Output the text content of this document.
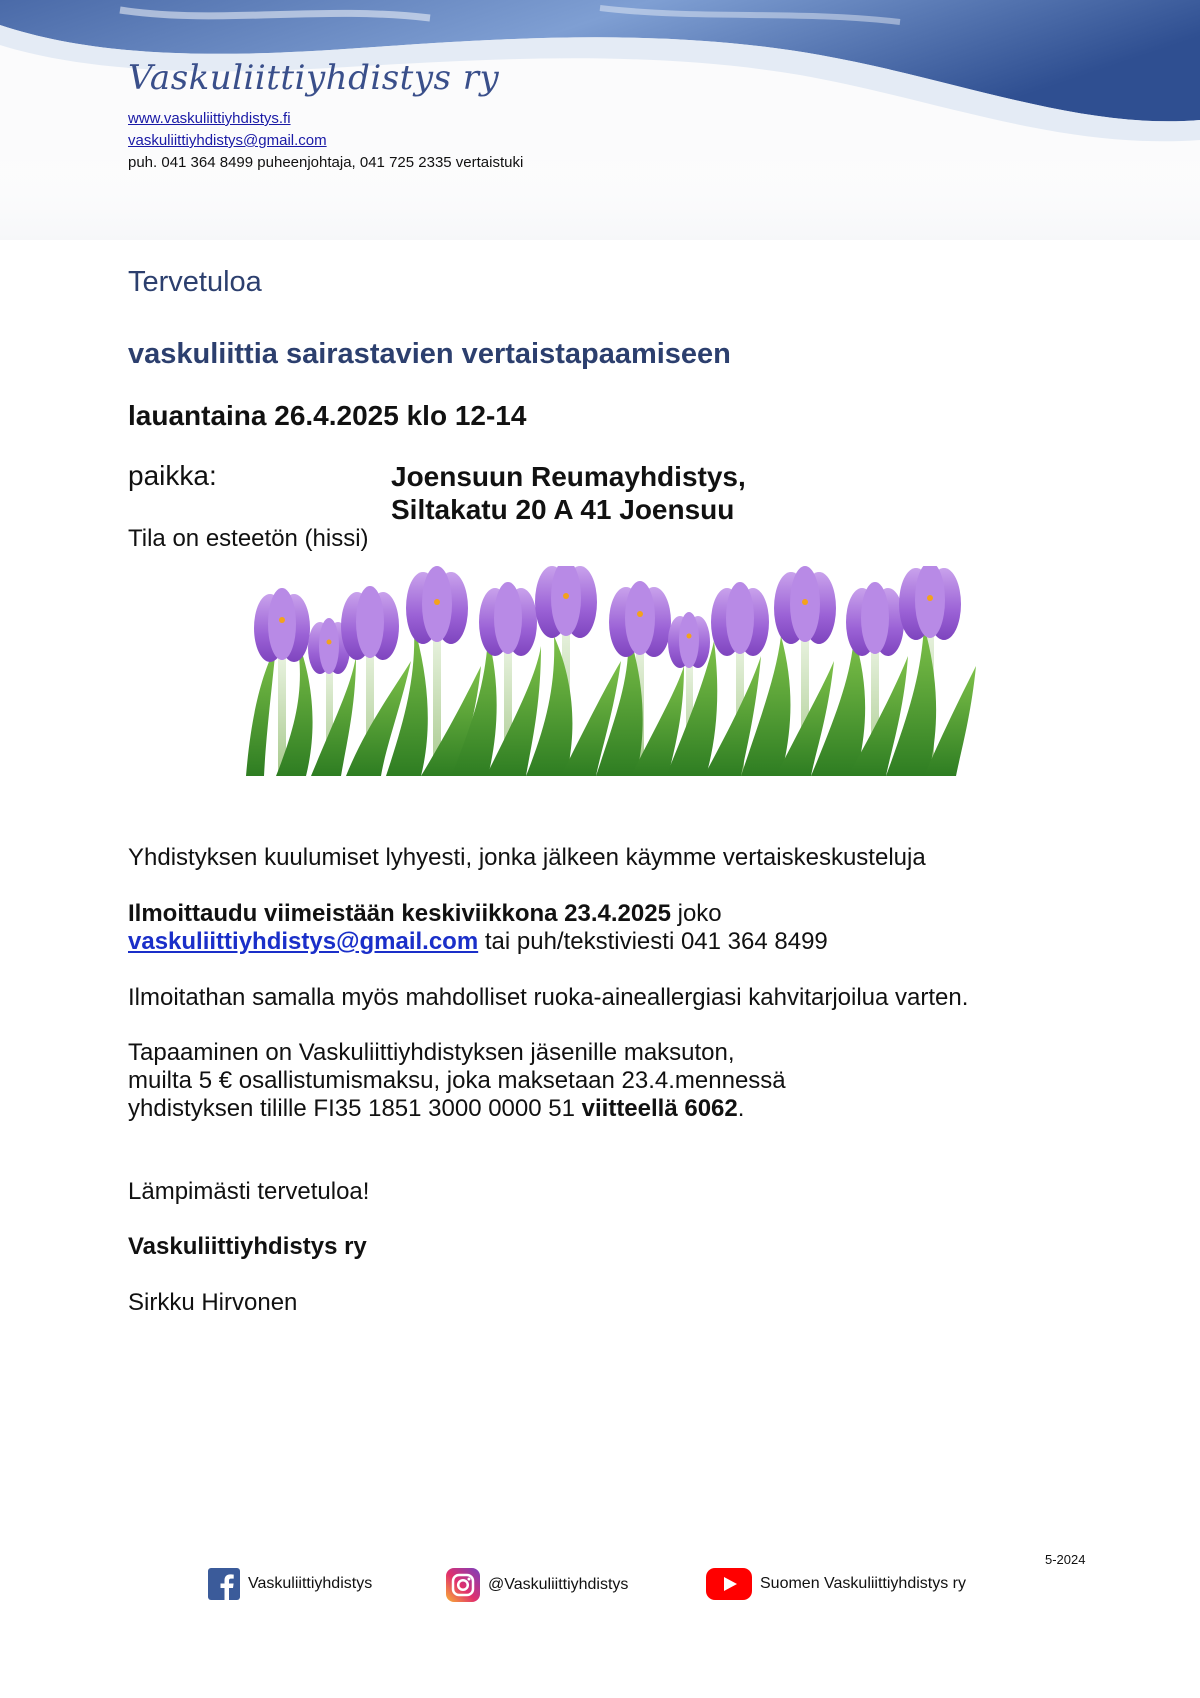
Vaskuliittiyhdistys ry
www.vaskuliittiyhdistys.fi
vaskuliittiyhdistys@gmail.com
puh. 041 364 8499 puheenjohtaja, 041 725 2335 vertaistuki
Tervetuloa
vaskuliittia sairastavien vertaistapaamiseen
lauantaina 26.4.2025 klo 12-14
paikka:	Joensuun Reumayhdistys,
Siltakatu 20 A 41 Joensuu
Tila on esteetön (hissi)
Yhdistyksen kuulumiset lyhyesti, jonka jälkeen käymme vertaiskeskusteluja
Ilmoittaudu viimeistään keskiviikkona 23.4.2025 joko
vaskuliittiyhdistys@gmail.com tai puh/tekstiviesti 041 364 8499
Ilmoitathan samalla myös mahdolliset ruoka-aineallergiasi kahvitarjoilua varten.
Tapaaminen on Vaskuliittiyhdistyksen jäsenille maksuton,
muilta 5 € osallistumismaksu, joka maksetaan 23.4.mennessä
yhdistyksen tilille FI35 1851 3000 0000 51 viitteellä 6062.
Lämpimästi tervetuloa!
Vaskuliittiyhdistys ry
Sirkku Hirvonen
5-2024
Vaskuliittiyhdistys	@Vaskuliittiyhdistys	Suomen Vaskuliittiyhdistys ry
